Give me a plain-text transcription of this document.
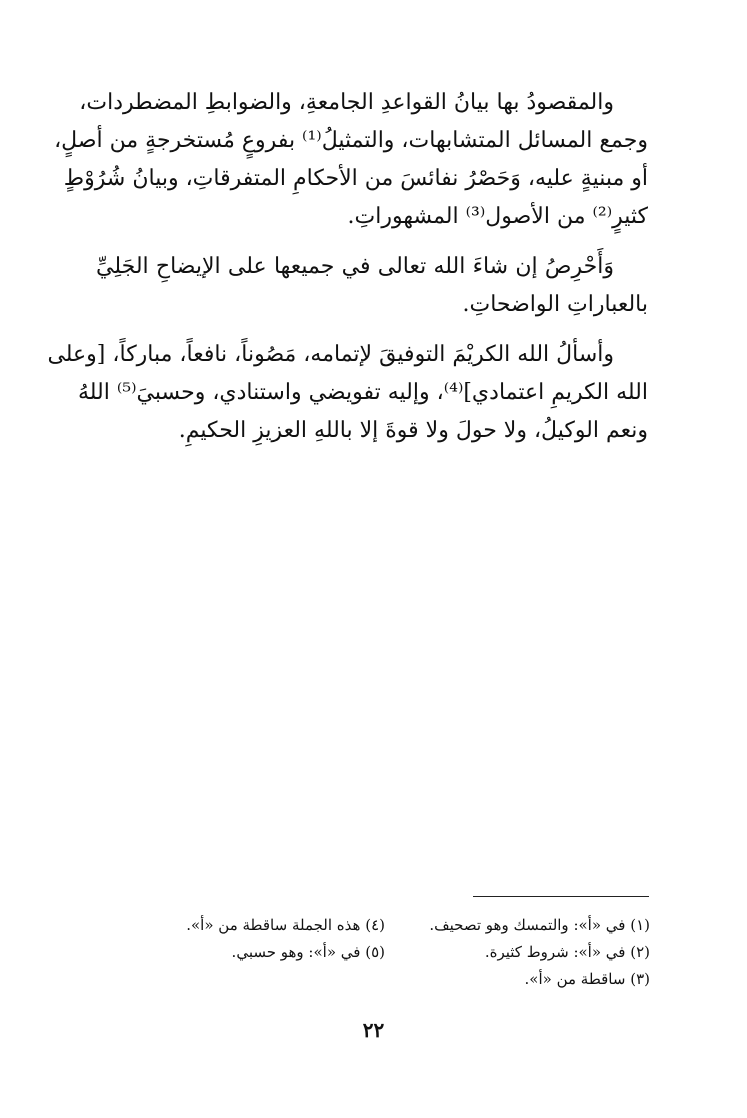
والمقصودُ بها بيانُ القواعدِ الجامعةِ، والضوابطِ المضطردات،
وجمع المسائل المتشابهات، والتمثيلُ⁽¹⁾ بفروعٍ مُستخرجةٍ من أصلٍ،
أو مبنيةٍ عليه، وَحَصْرُ نفائسَ من الأحكامِ المتفرقاتِ، وبيانُ شُرُوْطٍ
كثيرٍ⁽²⁾ من الأصول⁽³⁾ المشهوراتِ.
وَأَحْرِصُ إن شاءَ الله تعالى في جميعها على الإيضاحِ الجَلِيِّ
بالعباراتِ الواضحاتِ.
وأسألُ الله الكريْمَ التوفيقَ لإتمامه، مَصُوناً، نافعاً، مباركاً، [وعلى
الله الكريمِ اعتمادي]⁽⁴⁾، وإليه تفويضي واستنادي، وحسبيَ⁽⁵⁾ اللهُ
ونعم الوكيلُ، ولا حولَ ولا قوةَ إلا باللهِ العزيزِ الحكيمِ.
(١) في «أ»: والتمسك وهو تصحيف.
(٤) هذه الجملة ساقطة من «أ».
(٢) في «أ»: شروط كثيرة.
(٥) في «أ»: وهو حسبي.
(٣) ساقطة من «أ».
٢٢
